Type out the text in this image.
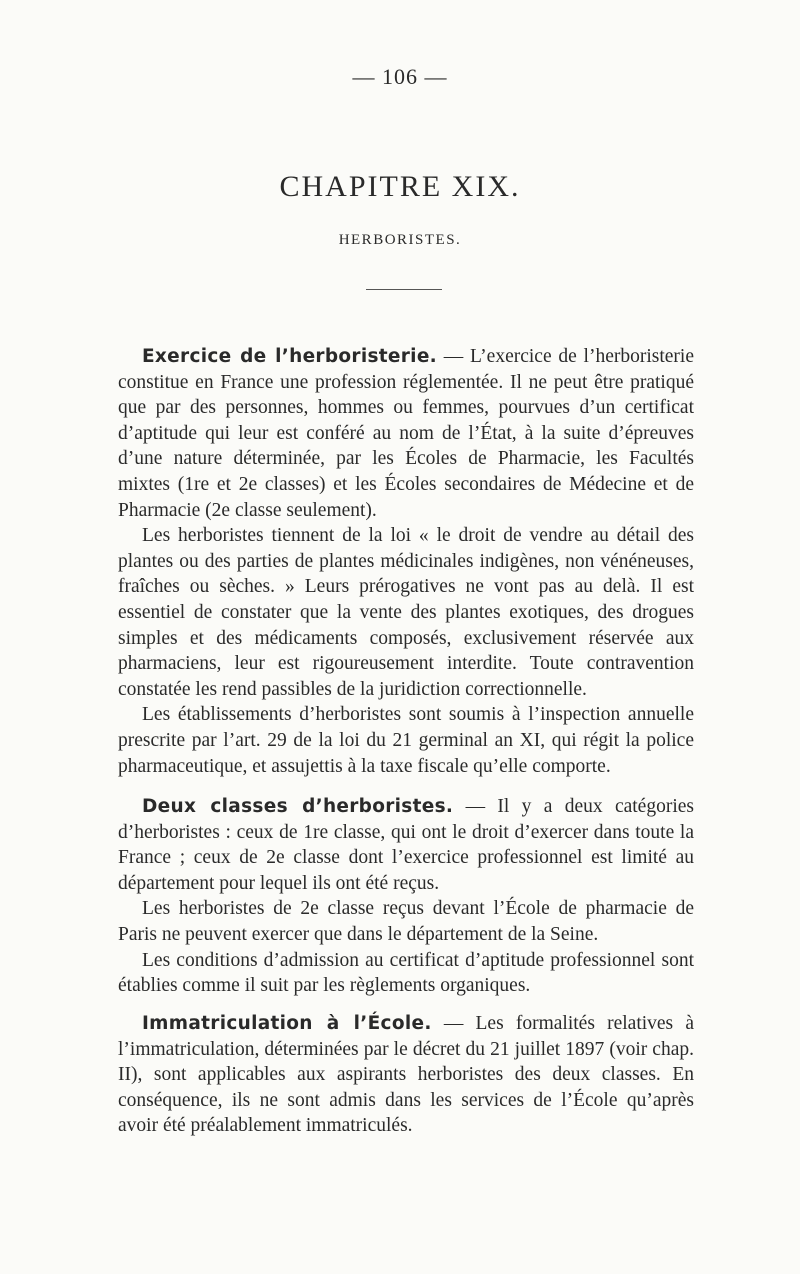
— 106 —
CHAPITRE XIX.
HERBORISTES.

Exercice de l’herboristerie. — L’exercice de l’herboristerie constitue en France une profession réglementée. Il ne peut être pratiqué que par des personnes, hommes ou femmes, pourvues d’un certificat d’aptitude qui leur est conféré au nom de l’État, à la suite d’épreuves d’une nature déterminée, par les Écoles de Pharmacie, les Facultés mixtes (1re et 2e classes) et les Écoles secondaires de Médecine et de Pharmacie (2e classe seulement).

Les herboristes tiennent de la loi « le droit de vendre au détail des plantes ou des parties de plantes médicinales indigènes, non vénéneuses, fraîches ou sèches. » Leurs prérogatives ne vont pas au delà. Il est essentiel de constater que la vente des plantes exotiques, des drogues simples et des médicaments composés, exclusivement réservée aux pharmaciens, leur est rigoureusement interdite. Toute contravention constatée les rend passibles de la juridiction correctionnelle.

Les établissements d’herboristes sont soumis à l’inspection annuelle prescrite par l’art. 29 de la loi du 21 germinal an XI, qui régit la police pharmaceutique, et assujettis à la taxe fiscale qu’elle comporte.

Deux classes d’herboristes. — Il y a deux catégories d’herboristes : ceux de 1re classe, qui ont le droit d’exercer dans toute la France ; ceux de 2e classe dont l’exercice professionnel est limité au département pour lequel ils ont été reçus.

Les herboristes de 2e classe reçus devant l’École de pharmacie de Paris ne peuvent exercer que dans le département de la Seine.

Les conditions d’admission au certificat d’aptitude professionnel sont établies comme il suit par les règlements organiques.

Immatriculation à l’École. — Les formalités relatives à l’immatriculation, déterminées par le décret du 21 juillet 1897 (voir chap. II), sont applicables aux aspirants herboristes des deux classes. En conséquence, ils ne sont admis dans les services de l’École qu’après avoir été préalablement immatriculés.
